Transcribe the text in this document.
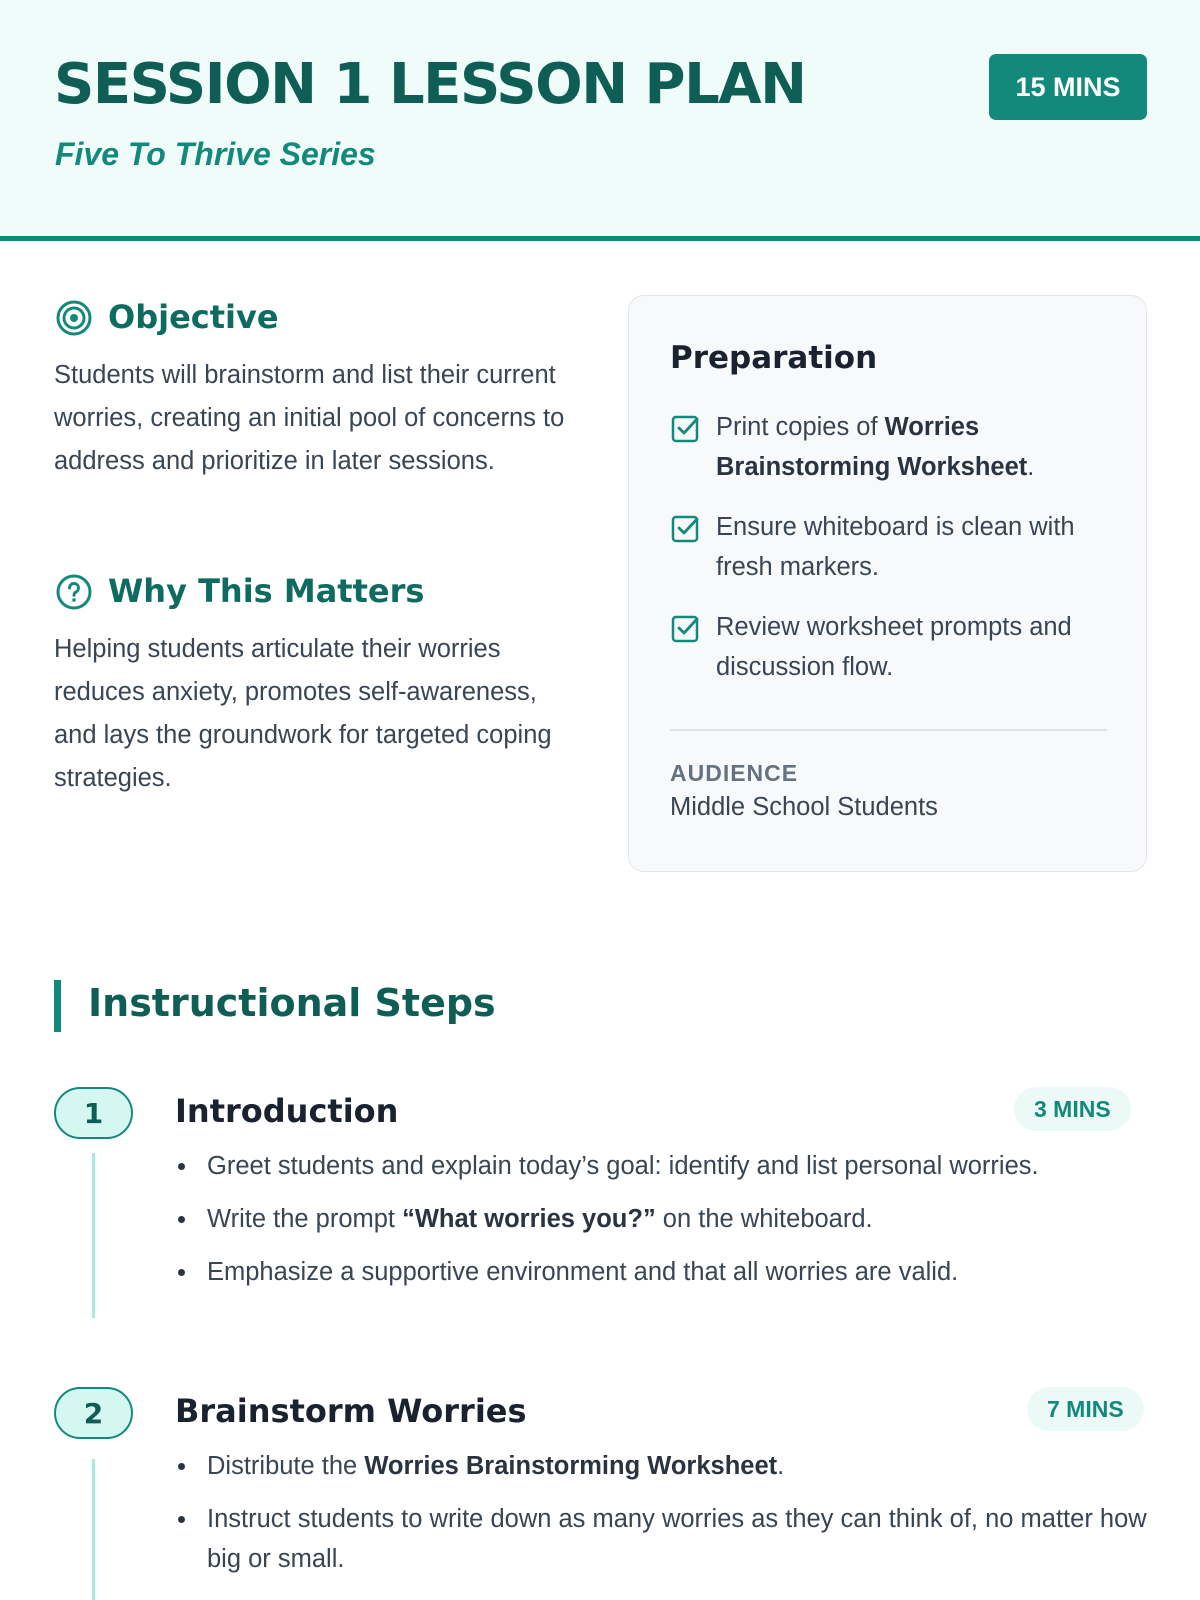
SESSION 1 LESSON PLAN
Five To Thrive Series
15 MINS
Objective
Students will brainstorm and list their current worries, creating an initial pool of concerns to address and prioritize in later sessions.
Why This Matters
Helping students articulate their worries reduces anxiety, promotes self-awareness, and lays the groundwork for targeted coping strategies.
Preparation
Print copies of Worries Brainstorming Worksheet.
Ensure whiteboard is clean with fresh markers.
Review worksheet prompts and discussion flow.
AUDIENCE
Middle School Students
Instructional Steps
1	Introduction	3 MINS
Greet students and explain today’s goal: identify and list personal worries.
Write the prompt “What worries you?” on the whiteboard.
Emphasize a supportive environment and that all worries are valid.
2	Brainstorm Worries	7 MINS
Distribute the Worries Brainstorming Worksheet.
Instruct students to write down as many worries as they can think of, no matter how big or small.
